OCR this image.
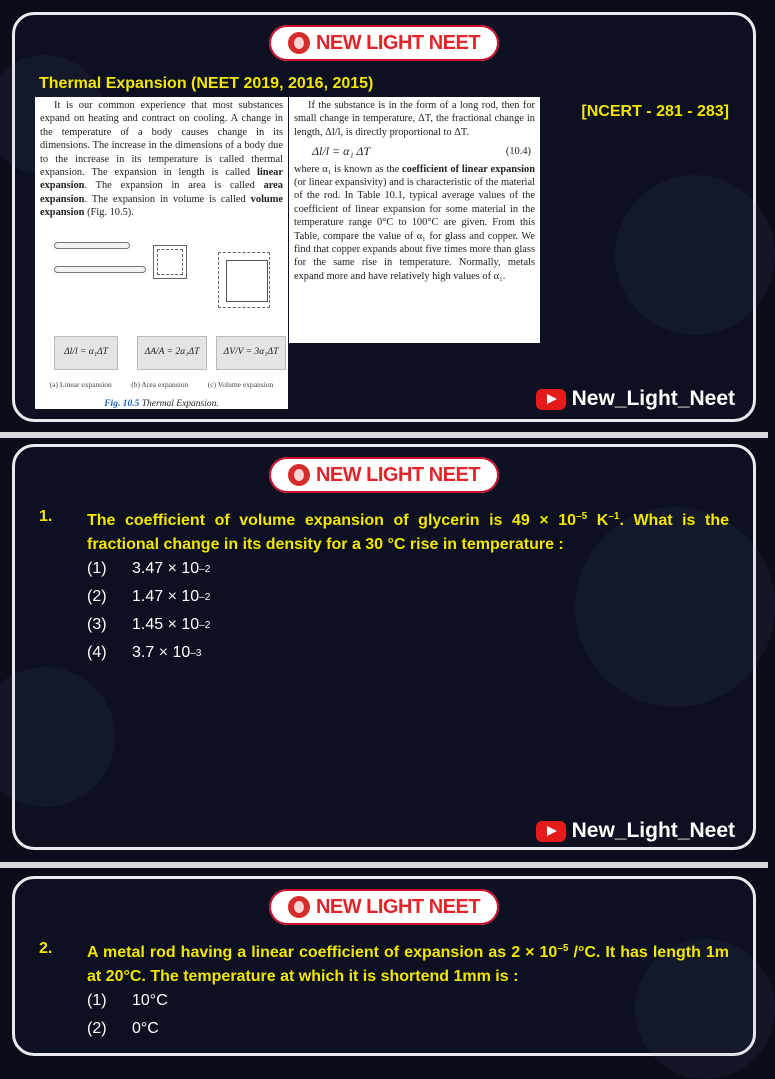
NEW LIGHT NEET
Thermal Expansion (NEET 2019, 2016, 2015)
[NCERT - 281 - 283]
It is our common experience that most substances expand on heating and contract on cooling. A change in the temperature of a body causes change in its dimensions. The increase in the dimensions of a body due to the increase in its temperature is called thermal expansion. The expansion in length is called linear expansion. The expansion in area is called area expansion. The expansion in volume is called volume expansion (Fig. 10.5).
Δl/l = α₁ΔT	ΔA/A = 2α₁ΔT	ΔV/V = 3α₁ΔT
(a) Linear expansion	(b) Area expansion	(c) Volume expansion
Fig. 10.5 Thermal Expansion.
If the substance is in the form of a long rod, then for small change in temperature, ΔT, the fractional change in length, Δl/l, is directly proportional to ΔT.
Δl/l = α₁ ΔT	(10.4)
where α₁ is known as the coefficient of linear expansion (or linear expansivity) and is characteristic of the material of the rod. In Table 10.1, typical average values of the coefficient of linear expansion for some material in the temperature range 0°C to 100°C are given. From this Table, compare the value of α₁ for glass and copper. We find that copper expands about five times more than glass for the same rise in temperature. Normally, metals expand more and have relatively high values of α₁.
New_Light_Neet
NEW LIGHT NEET
1.	The coefficient of volume expansion of glycerin is $49 \times 10^{-5}$ $K^{-1}$. What is the fractional change in its density for a 30 °C rise in temperature :
(1)	3.47 × 10 –2
(2)	1.47 × 10 –2
(3)	1.45 × 10 –2
(4)	3.7 × 10 –3
New_Light_Neet
NEW LIGHT NEET
2.	A metal rod having a linear coefficient of expansion as $2 \times 10^{-5}$ /°C. It has length 1m at 20°C. The temperature at which it is shortend 1mm is :
(1)	10°C
(2)	0°C
